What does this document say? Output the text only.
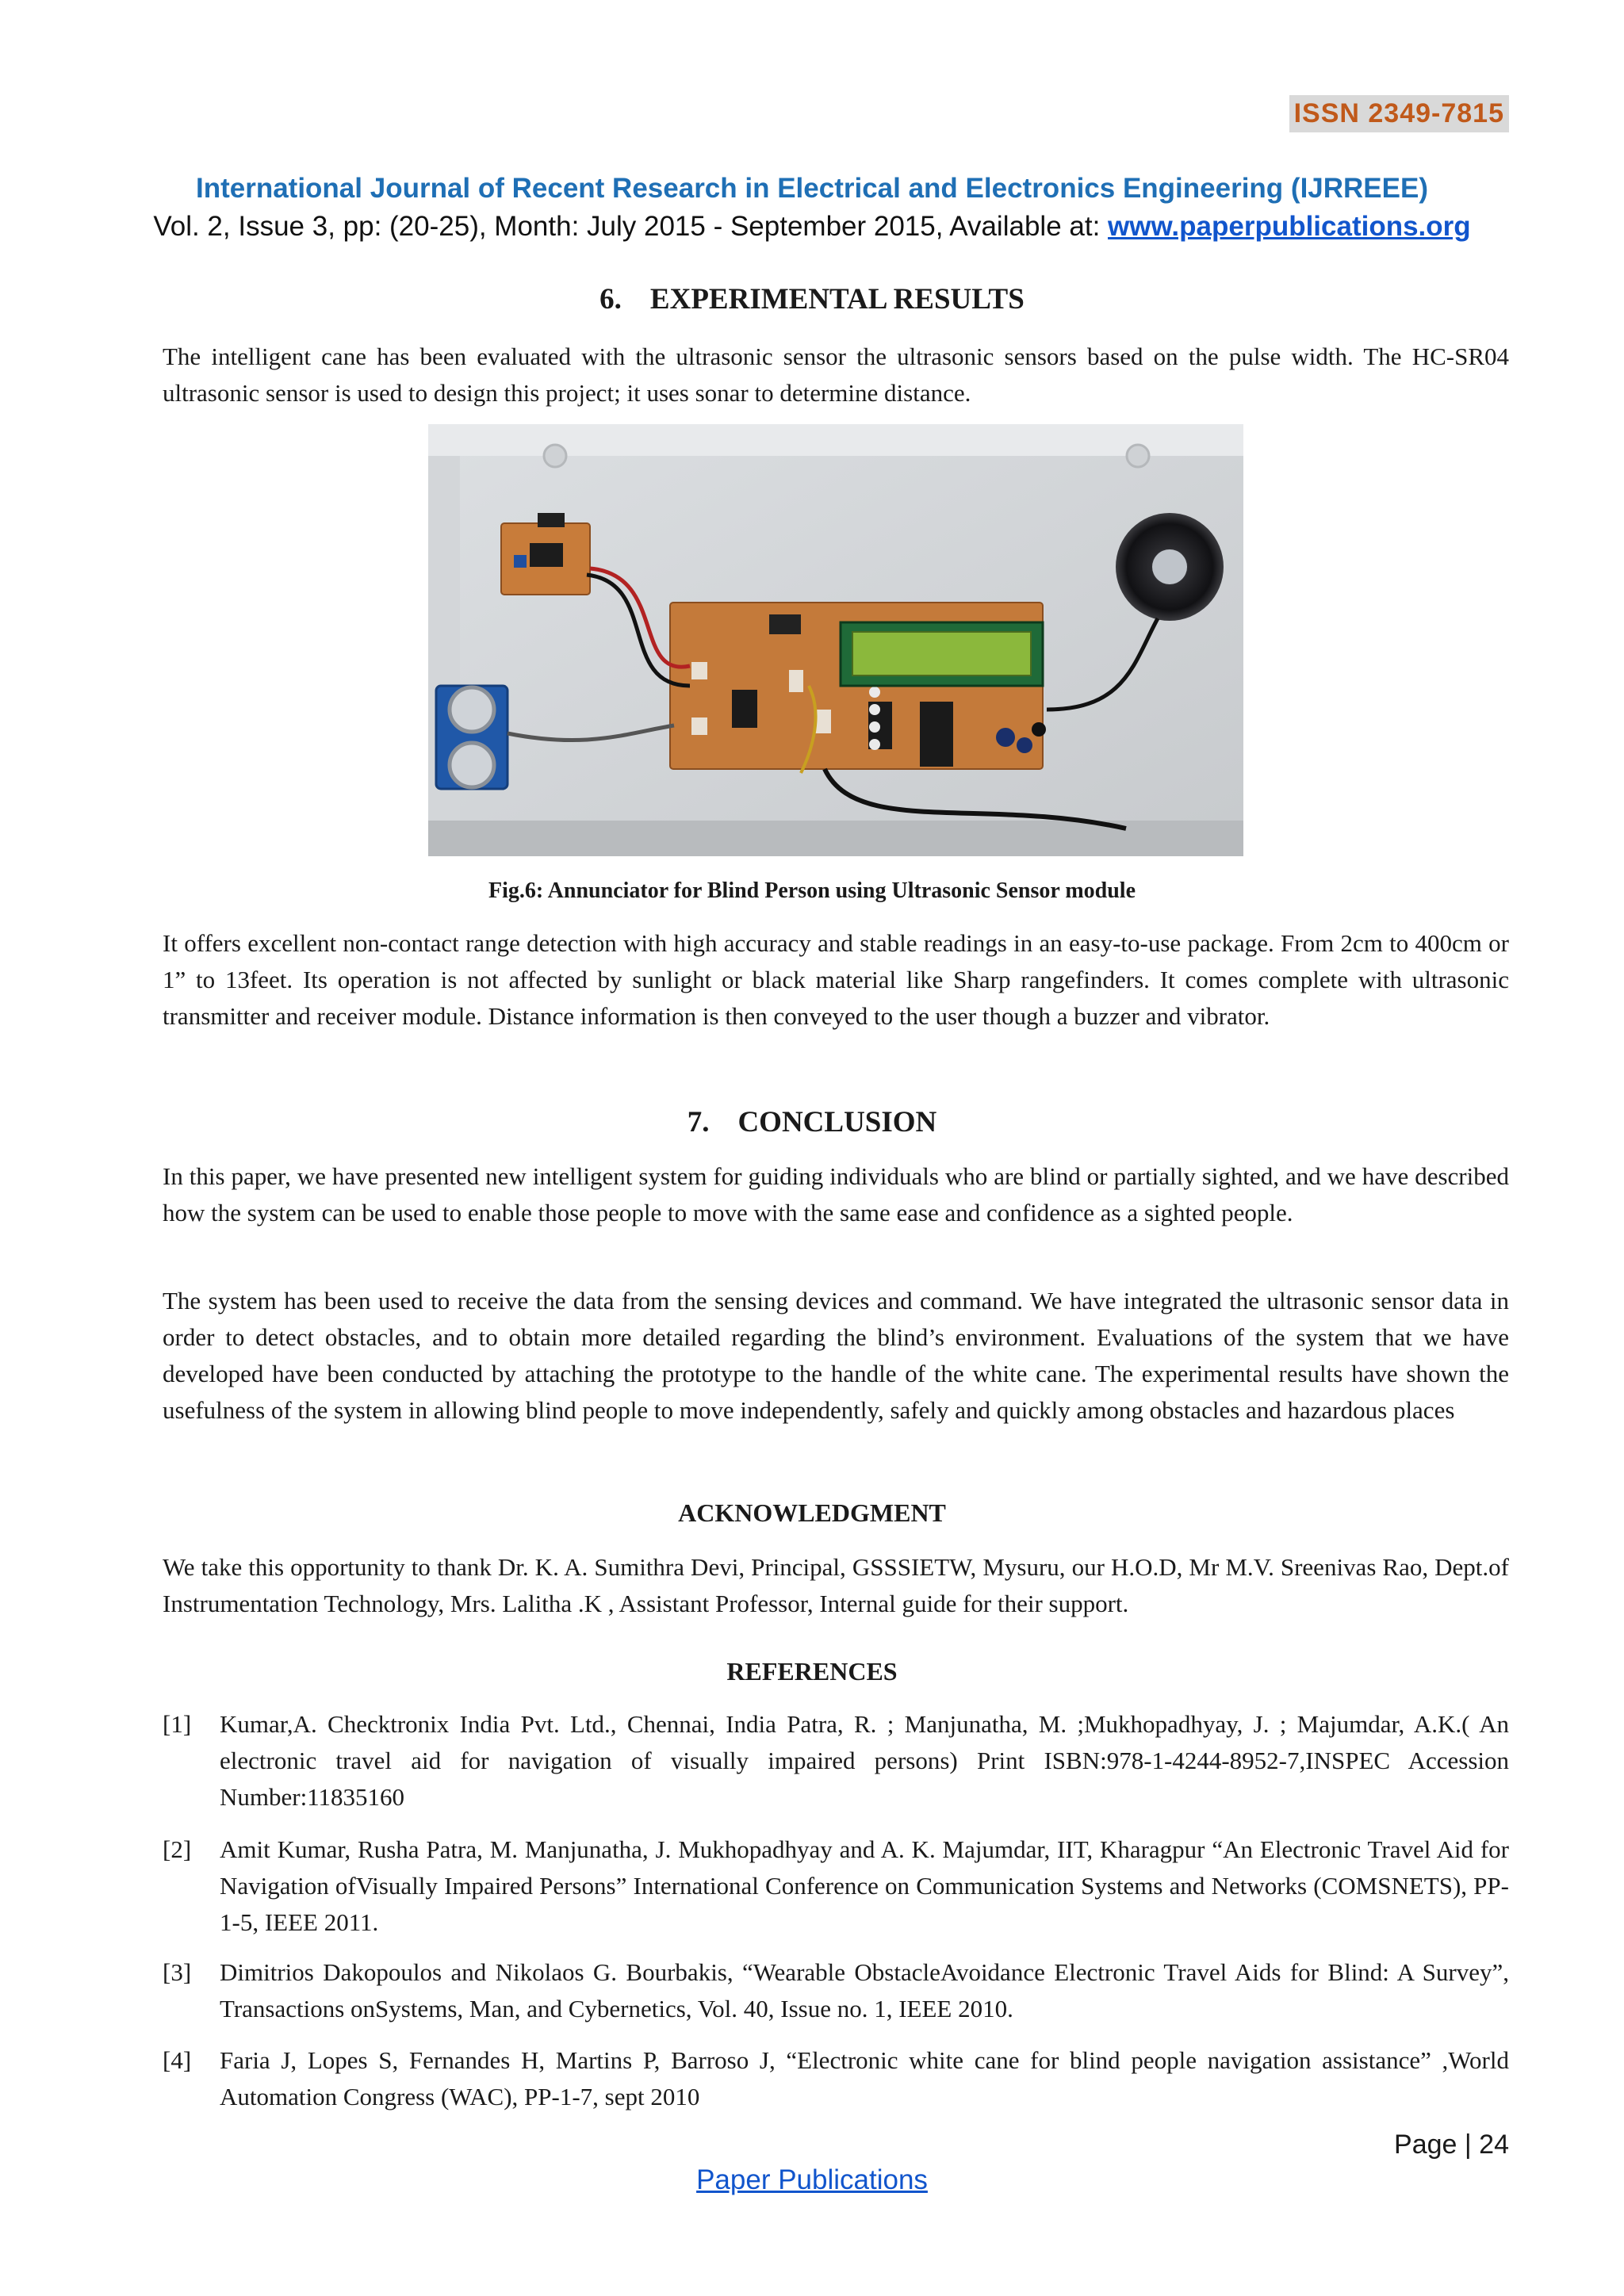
ISSN 2349-7815
International Journal of Recent Research in Electrical and Electronics Engineering (IJRREEE)
Vol. 2, Issue 3, pp: (20-25), Month: July 2015 - September 2015, Available at: www.paperpublications.org
6. EXPERIMENTAL RESULTS
The intelligent cane has been evaluated with the ultrasonic sensor the ultrasonic sensors based on the pulse width. The HC-SR04 ultrasonic sensor is used to design this project; it uses sonar to determine distance.
Fig.6: Annunciator for Blind Person using Ultrasonic Sensor module
It offers excellent non-contact range detection with high accuracy and stable readings in an easy-to-use package. From 2cm to 400cm or 1” to 13feet. Its operation is not affected by sunlight or black material like Sharp rangefinders. It comes complete with ultrasonic transmitter and receiver module. Distance information is then conveyed to the user though a buzzer and vibrator.
7. CONCLUSION
In this paper, we have presented new intelligent system for guiding individuals who are blind or partially sighted, and we have described how the system can be used to enable those people to move with the same ease and confidence as a sighted people.
The system has been used to receive the data from the sensing devices and command. We have integrated the ultrasonic sensor data in order to detect obstacles, and to obtain more detailed regarding the blind’s environment. Evaluations of the system that we have developed have been conducted by attaching the prototype to the handle of the white cane. The experimental results have shown the usefulness of the system in allowing blind people to move independently, safely and quickly among obstacles and hazardous places
ACKNOWLEDGMENT
We take this opportunity to thank Dr. K. A. Sumithra Devi, Principal, GSSSIETW, Mysuru, our H.O.D, Mr M.V. Sreenivas Rao, Dept.of Instrumentation Technology, Mrs. Lalitha .K , Assistant Professor, Internal guide for their support.
REFERENCES
[1] Kumar,A. Checktronix India Pvt. Ltd., Chennai, India Patra, R. ; Manjunatha, M. ;Mukhopadhyay, J. ; Majumdar, A.K.( An electronic travel aid for navigation of visually impaired persons) Print ISBN:978-1-4244-8952-7,INSPEC Accession Number:11835160
[2] Amit Kumar, Rusha Patra, M. Manjunatha, J. Mukhopadhyay and A. K. Majumdar, IIT, Kharagpur “An Electronic Travel Aid for Navigation ofVisually Impaired Persons” International Conference on Communication Systems and Networks (COMSNETS), PP-1-5, IEEE 2011.
[3] Dimitrios Dakopoulos and Nikolaos G. Bourbakis, “Wearable ObstacleAvoidance Electronic Travel Aids for Blind: A Survey”, Transactions onSystems, Man, and Cybernetics, Vol. 40, Issue no. 1, IEEE 2010.
[4] Faria J, Lopes S, Fernandes H, Martins P, Barroso J, “Electronic white cane for blind people navigation assistance” ,World Automation Congress (WAC), PP-1-7, sept 2010
Page | 24
Paper Publications
